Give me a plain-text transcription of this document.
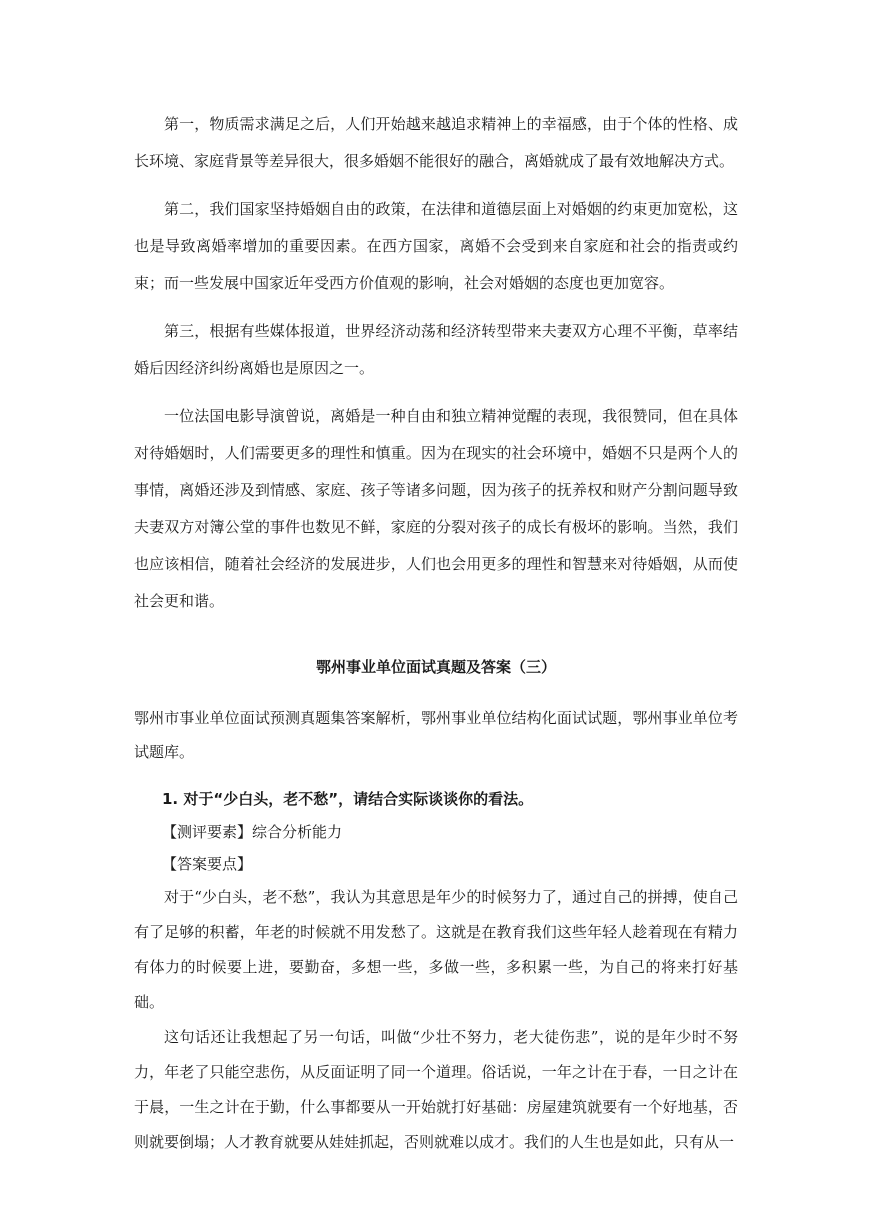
第一，物质需求满足之后，人们开始越来越追求精神上的幸福感，由于个体的性格、成长环境、家庭背景等差异很大，很多婚姻不能很好的融合，离婚就成了最有效地解决方式。

第二，我们国家坚持婚姻自由的政策，在法律和道德层面上对婚姻的约束更加宽松，这也是导致离婚率增加的重要因素。在西方国家，离婚不会受到来自家庭和社会的指责或约束；而一些发展中国家近年受西方价值观的影响，社会对婚姻的态度也更加宽容。

第三，根据有些媒体报道，世界经济动荡和经济转型带来夫妻双方心理不平衡，草率结婚后因经济纠纷离婚也是原因之一。

一位法国电影导演曾说，离婚是一种自由和独立精神觉醒的表现，我很赞同，但在具体对待婚姻时，人们需要更多的理性和慎重。因为在现实的社会环境中，婚姻不只是两个人的事情，离婚还涉及到情感、家庭、孩子等诸多问题，因为孩子的抚养权和财产分割问题导致夫妻双方对簿公堂的事件也数见不鲜，家庭的分裂对孩子的成长有极坏的影响。当然，我们也应该相信，随着社会经济的发展进步，人们也会用更多的理性和智慧来对待婚姻，从而使社会更和谐。

鄂州事业单位面试真题及答案（三）

鄂州市事业单位面试预测真题集答案解析，鄂州事业单位结构化面试试题，鄂州事业单位考试题库。

1. 对于“少白头，老不愁”，请结合实际谈谈你的看法。

【测评要素】综合分析能力

【答案要点】

对于“少白头，老不愁”，我认为其意思是年少的时候努力了，通过自己的拼搏，使自己有了足够的积蓄，年老的时候就不用发愁了。这就是在教育我们这些年轻人趁着现在有精力有体力的时候要上进，要勤奋，多想一些，多做一些，多积累一些，为自己的将来打好基础。

这句话还让我想起了另一句话，叫做“少壮不努力，老大徒伤悲”，说的是年少时不努力，年老了只能空悲伤，从反面证明了同一个道理。俗话说，一年之计在于春，一日之计在于晨，一生之计在于勤，什么事都要从一开始就打好基础：房屋建筑就要有一个好地基，否则就要倒塌；人才教育就要从娃娃抓起，否则就难以成才。我们的人生也是如此，只有从一
